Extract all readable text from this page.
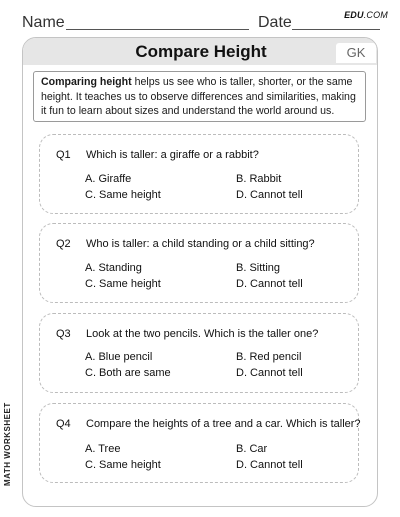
Name	Date	EDU.COM
MATH WORKSHEET
Compare Height	GK
Comparing height helps us see who is taller, shorter, or the same height. It teaches us to observe differences and similarities, making it fun to learn about sizes and understand the world around us.
Q1 Which is taller: a giraffe or a rabbit?
A. Giraffe	B. Rabbit
C. Same height	D. Cannot tell
Q2 Who is taller: a child standing or a child sitting?
A. Standing	B. Sitting
C. Same height	D. Cannot tell
Q3 Look at the two pencils. Which is the taller one?
A. Blue pencil	B. Red pencil
C. Both are same	D. Cannot tell
Q4 Compare the heights of a tree and a car. Which is taller?
A. Tree	B. Car
C. Same height	D. Cannot tell
